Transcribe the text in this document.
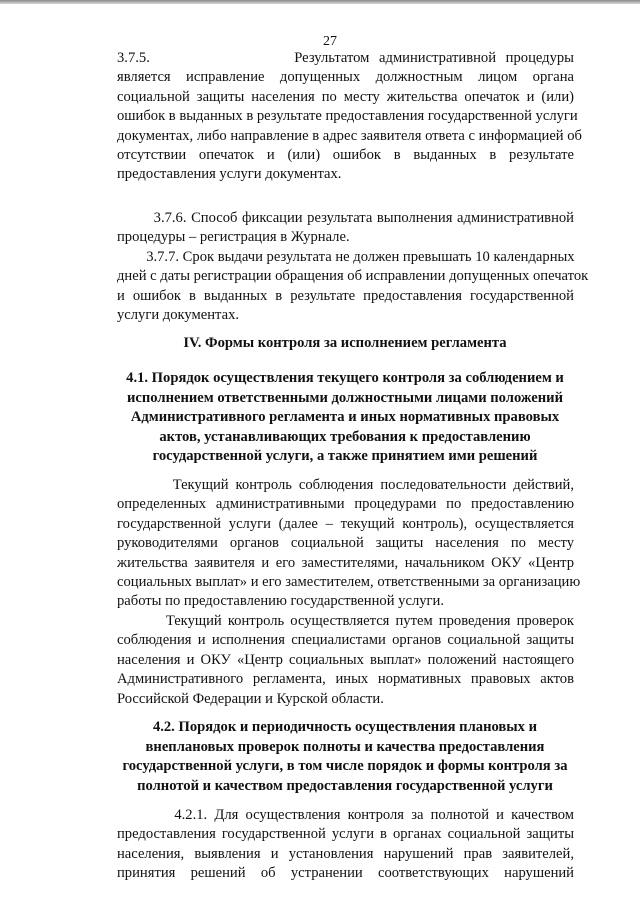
27
3.7.5.               Результатом административной процедуры
является исправление допущенных должностным лицом органа
социальной защиты населения по месту жительства опечаток и (или)
ошибок в выданных в результате предоставления государственной услуги
документах, либо направление в адрес заявителя ответа с информацией об
отсутствии опечаток и (или) ошибок в выданных в результате
предоставления услуги документах.
3.7.6. Способ фиксации результата выполнения административной
процедуры – регистрация в Журнале.
3.7.7. Срок выдачи результата не должен превышать 10 календарных
дней с даты регистрации обращения об исправлении допущенных опечаток
и ошибок в выданных в результате предоставления государственной
услуги документах.
IV. Формы контроля за исполнением регламента
4.1. Порядок осуществления текущего контроля за соблюдением и
исполнением ответственными должностными лицами положений
Административного регламента и иных нормативных правовых
актов, устанавливающих требования к предоставлению
государственной услуги, а также принятием ими решений
Текущий контроль соблюдения последовательности действий,
определенных административными процедурами по предоставлению
государственной услуги (далее – текущий контроль), осуществляется
руководителями органов социальной защиты населения по месту
жительства заявителя и его заместителями, начальником ОКУ «Центр
социальных выплат» и его заместителем, ответственными за организацию
работы по предоставлению государственной услуги.
Текущий контроль осуществляется путем проведения проверок
соблюдения и исполнения специалистами органов социальной защиты
населения и ОКУ «Центр социальных выплат» положений настоящего
Административного регламента, иных нормативных правовых актов
Российской Федерации и Курской области.
4.2. Порядок и периодичность осуществления плановых и
внеплановых проверок полноты и качества предоставления
государственной услуги, в том числе порядок и формы контроля за
полнотой и качеством предоставления государственной услуги
4.2.1. Для осуществления контроля за полнотой и качеством
предоставления государственной услуги в органах социальной защиты
населения, выявления и установления нарушений прав заявителей,
принятия решений об устранении соответствующих нарушений
